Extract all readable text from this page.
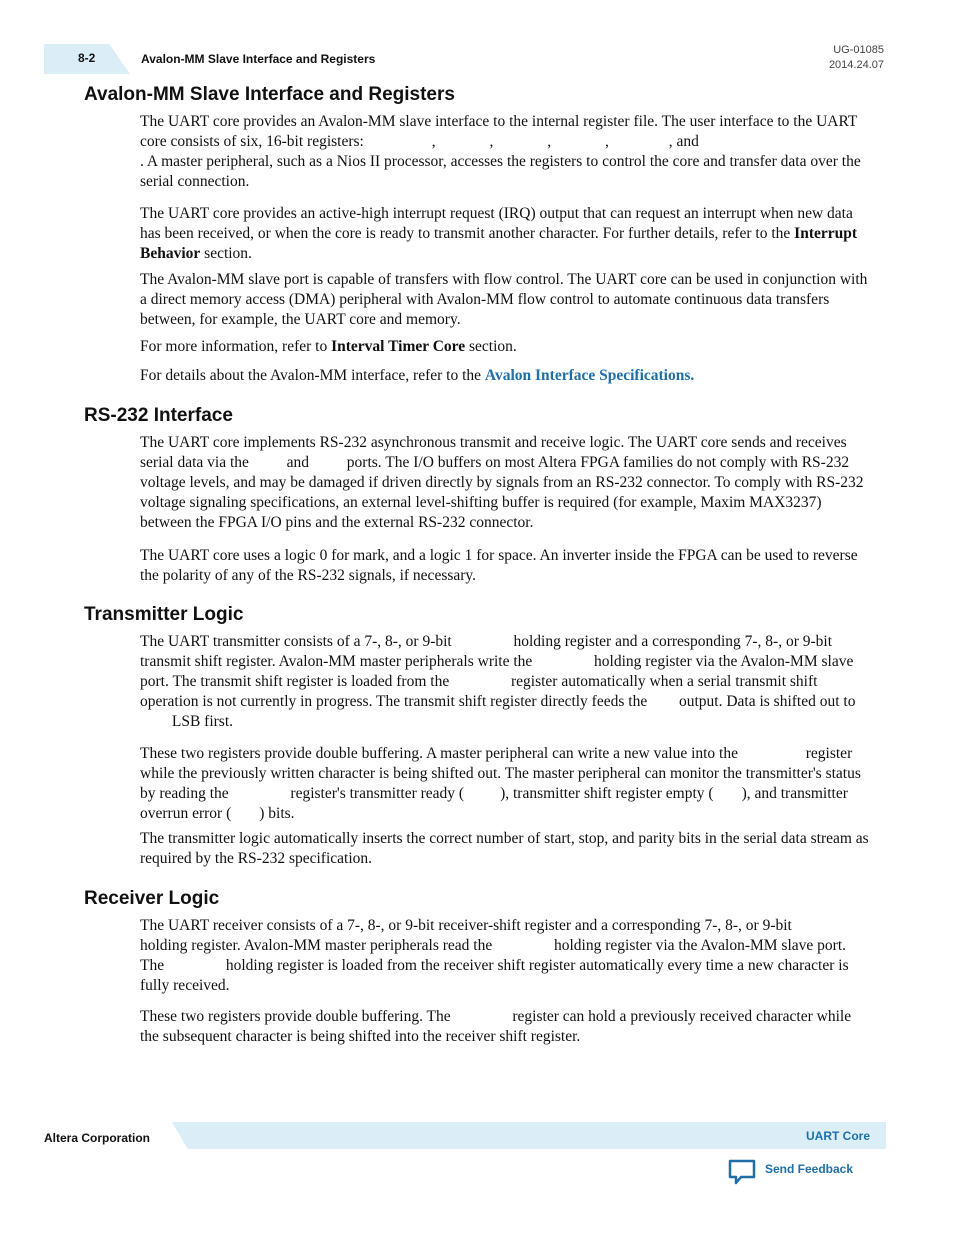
8-2	Avalon-MM Slave Interface and Registers
UG-01085
2014.24.07
Avalon-MM Slave Interface and Registers

The UART core provides an Avalon-MM slave interface to the internal register file. The user interface to the UART core consists of six, 16-bit registers:	,	,	,	,	, and . A master peripheral, such as a Nios II processor, accesses the registers to control the core and transfer data over the serial connection.

The UART core provides an active-high interrupt request (IRQ) output that can request an interrupt when new data has been received, or when the core is ready to transmit another character. For further details, refer to the Interrupt Behavior section.

The Avalon-MM slave port is capable of transfers with flow control. The UART core can be used in conjunction with a direct memory access (DMA) peripheral with Avalon-MM flow control to automate continuous data transfers between, for example, the UART core and memory.

For more information, refer to Interval Timer Core section.

For details about the Avalon-MM interface, refer to the Avalon Interface Specifications.

RS-232 Interface

The UART core implements RS-232 asynchronous transmit and receive logic. The UART core sends and receives serial data via the  and  ports. The I/O buffers on most Altera FPGA families do not comply with RS-232 voltage levels, and may be damaged if driven directly by signals from an RS-232 connector. To comply with RS-232 voltage signaling specifications, an external level-shifting buffer is required (for example, Maxim MAX3237) between the FPGA I/O pins and the external RS-232 connector.

The UART core uses a logic 0 for mark, and a logic 1 for space. An inverter inside the FPGA can be used to reverse the polarity of any of the RS-232 signals, if necessary.

Transmitter Logic

The UART transmitter consists of a 7-, 8-, or 9-bit	holding register and a corresponding 7-, 8-, or 9-bit transmit shift register. Avalon-MM master peripherals write the	holding register via the Avalon-MM slave port. The transmit shift register is loaded from the	register automatically when a serial transmit shift operation is not currently in progress. The transmit shift register directly feeds the  output. Data is shifted out to  LSB first.

These two registers provide double buffering. A master peripheral can write a new value into the	register while the previously written character is being shifted out. The master peripheral can monitor the transmitter's status by reading the	register's transmitter ready ( ), transmitter shift register empty ( ), and transmitter overrun error ( ) bits.

The transmitter logic automatically inserts the correct number of start, stop, and parity bits in the serial data stream as required by the RS-232 specification.

Receiver Logic

The UART receiver consists of a 7-, 8-, or 9-bit receiver-shift register and a corresponding 7-, 8-, or 9-bit  holding register. Avalon-MM master peripherals read the	holding register via the Avalon-MM slave port. The	holding register is loaded from the receiver shift register automatically every time a new character is fully received.

These two registers provide double buffering. The	register can hold a previously received character while the subsequent character is being shifted into the receiver shift register.

Altera Corporation	UART Core
Send Feedback
